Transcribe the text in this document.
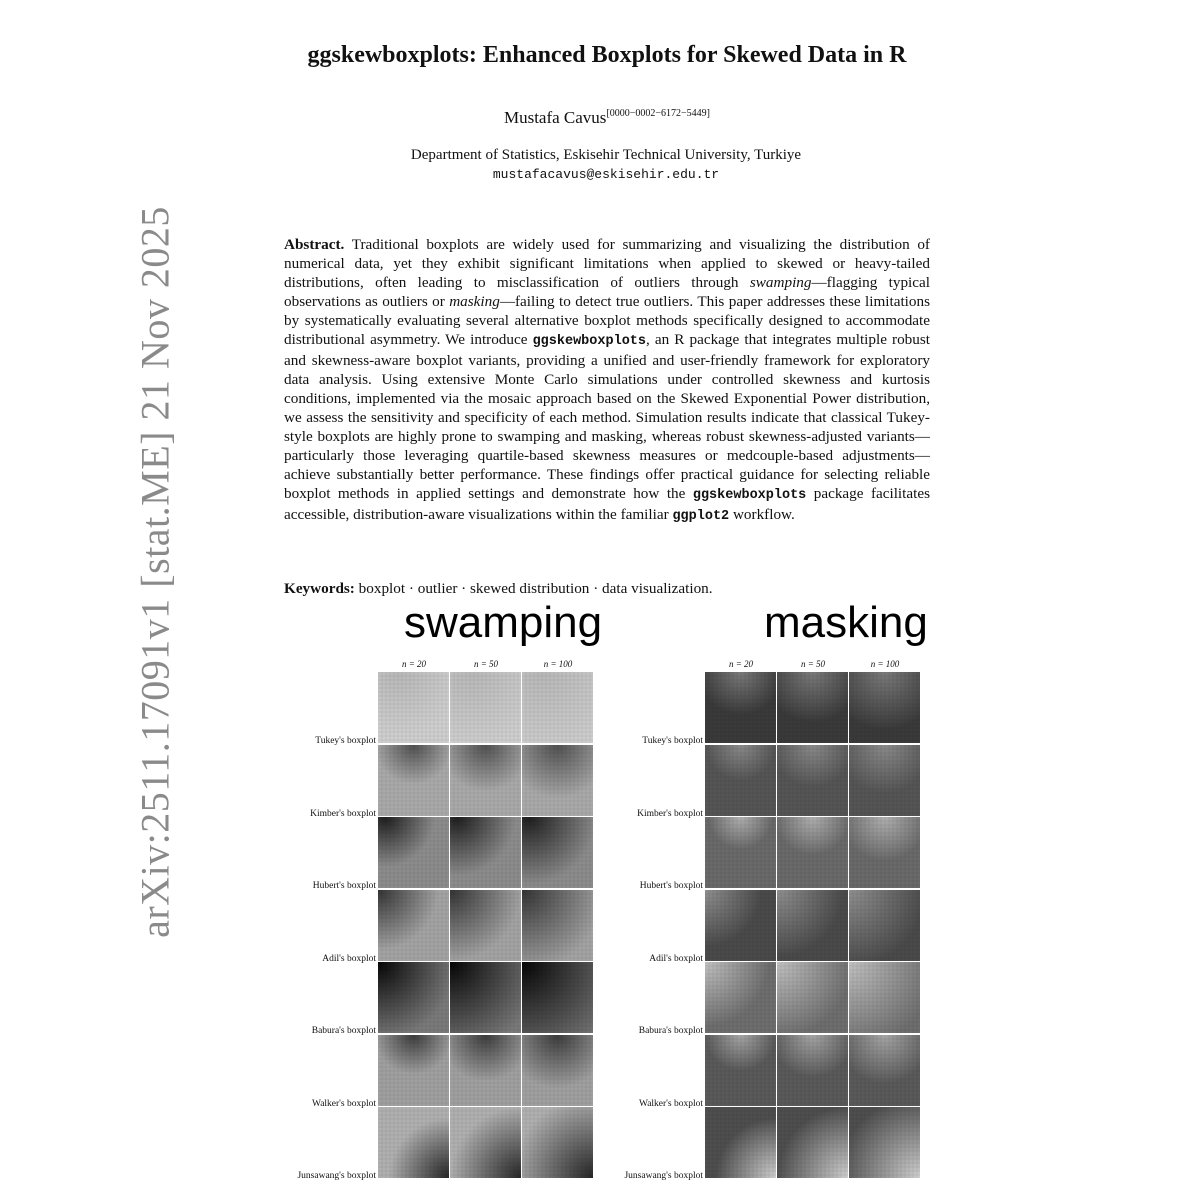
arXiv:2511.17091v1 [stat.ME] 21 Nov 2025
ggskewboxplots: Enhanced Boxplots for Skewed Data in R
Mustafa Cavus[0000−0002−6172−5449]
Department of Statistics, Eskisehir Technical University, Turkiye
mustafacavus@eskisehir.edu.tr
Abstract. Traditional boxplots are widely used for summarizing and visualizing the distribution of numerical data, yet they exhibit significant limitations when applied to skewed or heavy-tailed distributions, often leading to misclassification of outliers through swamping—flagging typical observations as outliers or masking—failing to detect true outliers. This paper addresses these limitations by systematically evaluating several alternative boxplot methods specifically designed to accommodate distributional asymmetry. We introduce ggskewboxplots, an R package that integrates multiple robust and skewness-aware boxplot variants, providing a unified and user-friendly framework for exploratory data analysis. Using extensive Monte Carlo simulations under controlled skewness and kurtosis conditions, implemented via the mosaic approach based on the Skewed Exponential Power distribution, we assess the sensitivity and specificity of each method. Simulation results indicate that classical Tukey-style boxplots are highly prone to swamping and masking, whereas robust skewness-adjusted variants—particularly those leveraging quartile-based skewness measures or medcouple-based adjustments—achieve substantially better performance. These findings offer practical guidance for selecting reliable boxplot methods in applied settings and demonstrate how the ggskewboxplots package facilitates accessible, distribution-aware visualizations within the familiar ggplot2 workflow.
Keywords: boxplot · outlier · skewed distribution · data visualization.
swamping	masking
n = 20	n = 50	n = 100
Tukey's boxplot
Kimber's boxplot
Hubert's boxplot
Adil's boxplot
Babura's boxplot
Walker's boxplot
Junsawang's boxplot
n = 20	n = 50	n = 100
Tukey's boxplot
Kimber's boxplot
Hubert's boxplot
Adil's boxplot
Babura's boxplot
Walker's boxplot
Junsawang's boxplot
